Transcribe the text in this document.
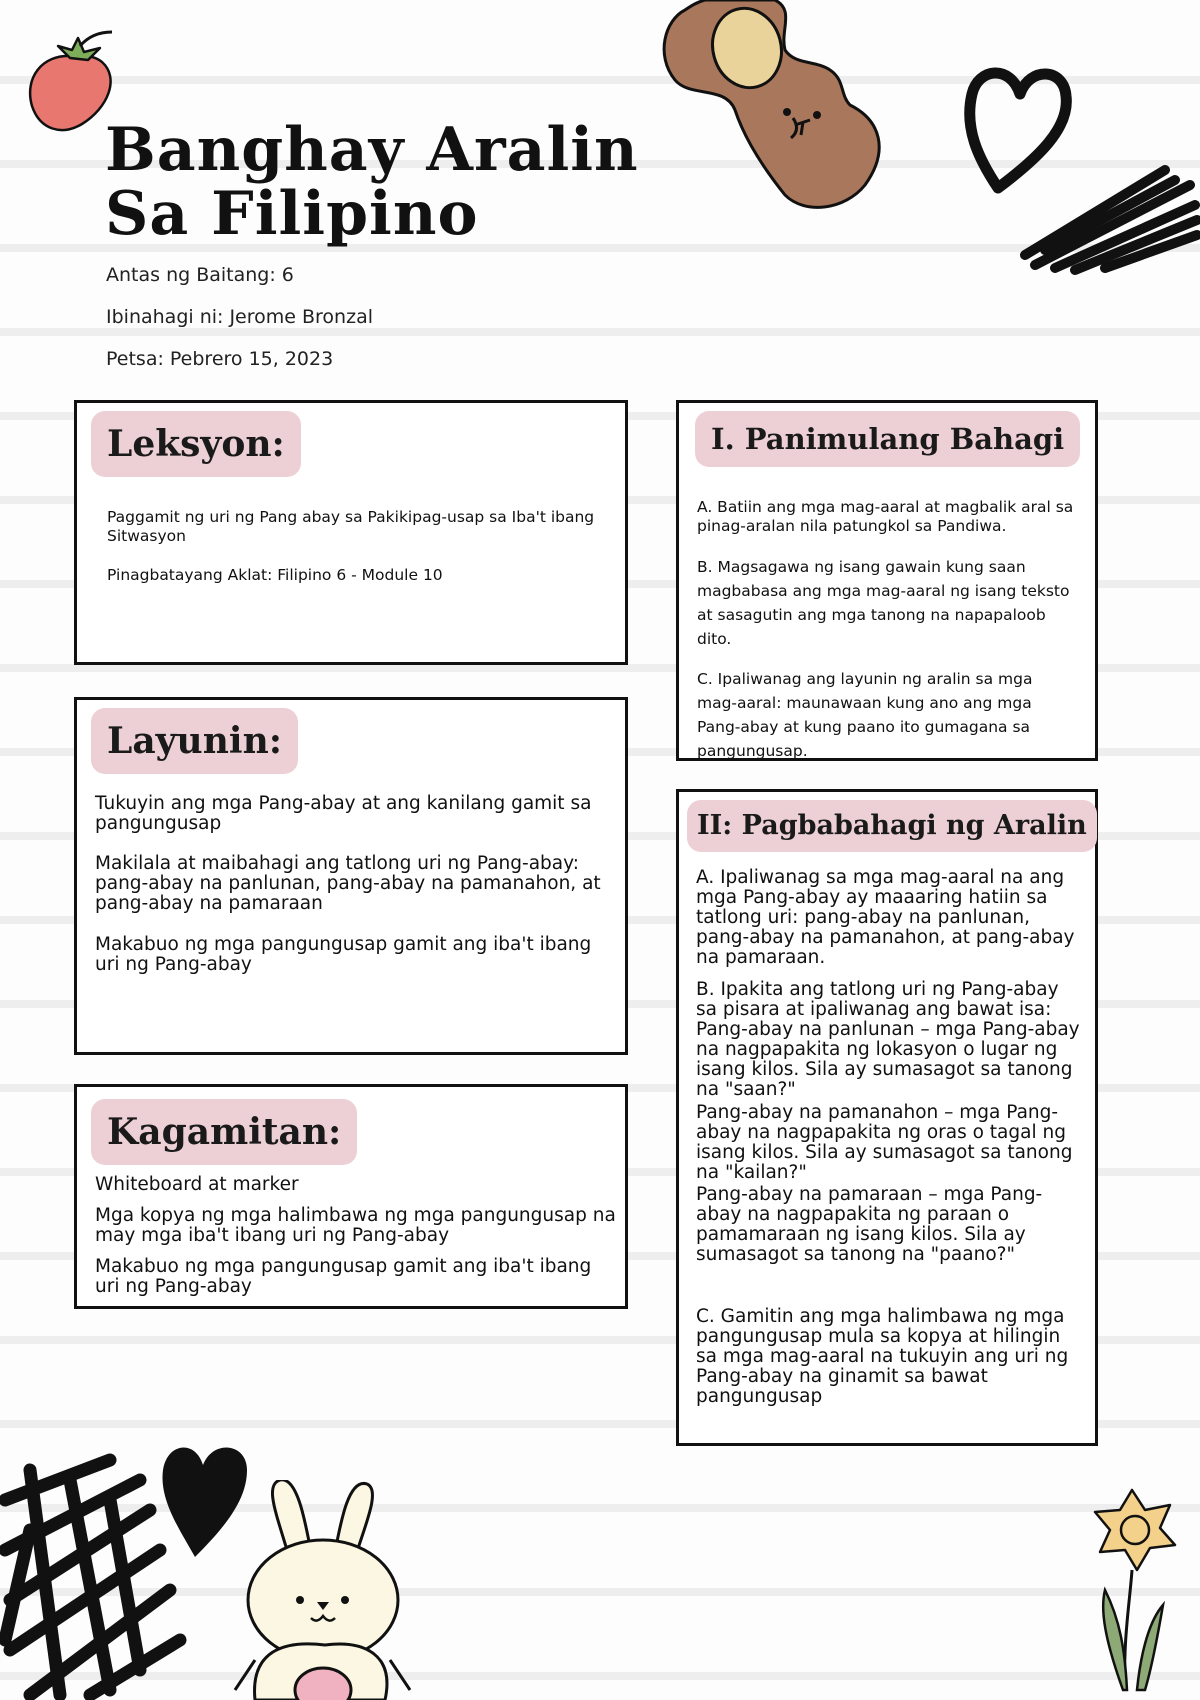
Banghay Aralin
Sa Filipino
Antas ng Baitang: 6
Ibinahagi ni: Jerome Bronzal
Petsa: Pebrero 15, 2023
Leksyon:
Paggamit ng uri ng Pang abay sa Pakikipag-usap sa Iba't ibang Sitwasyon
Pinagbatayang Aklat: Filipino 6 - Module 10
Layunin:
Tukuyin ang mga Pang-abay at ang kanilang gamit sa pangungusap
Makilala at maibahagi ang tatlong uri ng Pang-abay: pang-abay na panlunan, pang-abay na pamanahon, at pang-abay na pamaraan
Makabuo ng mga pangungusap gamit ang iba't ibang uri ng Pang-abay
Kagamitan:
Whiteboard at marker
Mga kopya ng mga halimbawa ng mga pangungusap na may mga iba't ibang uri ng Pang-abay
Makabuo ng mga pangungusap gamit ang iba't ibang uri ng Pang-abay
I. Panimulang Bahagi
A. Batiin ang mga mag-aaral at magbalik aral sa pinag-aralan nila patungkol sa Pandiwa.
B. Magsagawa ng isang gawain kung saan magbabasa ang mga mag-aaral ng isang teksto at sasagutin ang mga tanong na napapaloob dito.
C. Ipaliwanag ang layunin ng aralin sa mga mag-aaral: maunawaan kung ano ang mga Pang-abay at kung paano ito gumagana sa pangungusap.
II: Pagbabahagi ng Aralin
A. Ipaliwanag sa mga mag-aaral na ang mga Pang-abay ay maaaring hatiin sa tatlong uri: pang-abay na panlunan, pang-abay na pamanahon, at pang-abay na pamaraan.
B. Ipakita ang tatlong uri ng Pang-abay sa pisara at ipaliwanag ang bawat isa:
Pang-abay na panlunan – mga Pang-abay na nagpapakita ng lokasyon o lugar ng isang kilos. Sila ay sumasagot sa tanong na "saan?"
Pang-abay na pamanahon – mga Pang-abay na nagpapakita ng oras o tagal ng isang kilos. Sila ay sumasagot sa tanong na "kailan?"
Pang-abay na pamaraan – mga Pang-abay na nagpapakita ng paraan o pamamaraan ng isang kilos. Sila ay sumasagot sa tanong na "paano?"
C. Gamitin ang mga halimbawa ng mga pangungusap mula sa kopya at hilingin sa mga mag-aaral na tukuyin ang uri ng Pang-abay na ginamit sa bawat pangungusap
